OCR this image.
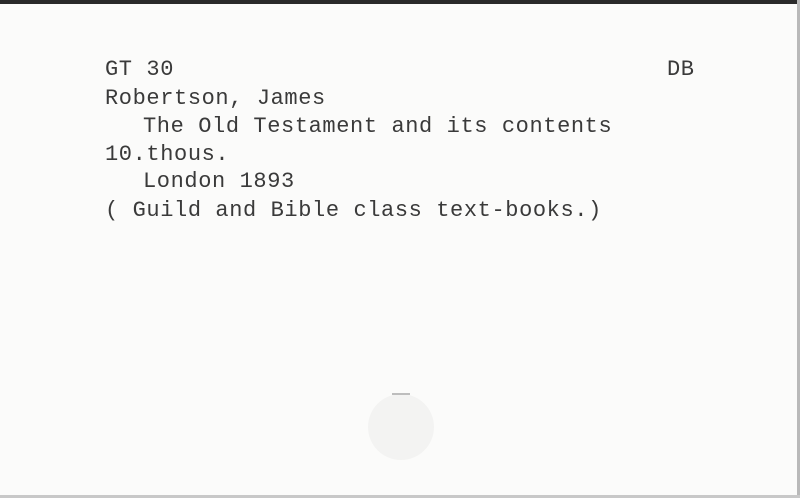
GT 30	DB
Robertson, James
The Old Testament and its contents
10.thous.
London 1893
( Guild and Bible class text-books.)
